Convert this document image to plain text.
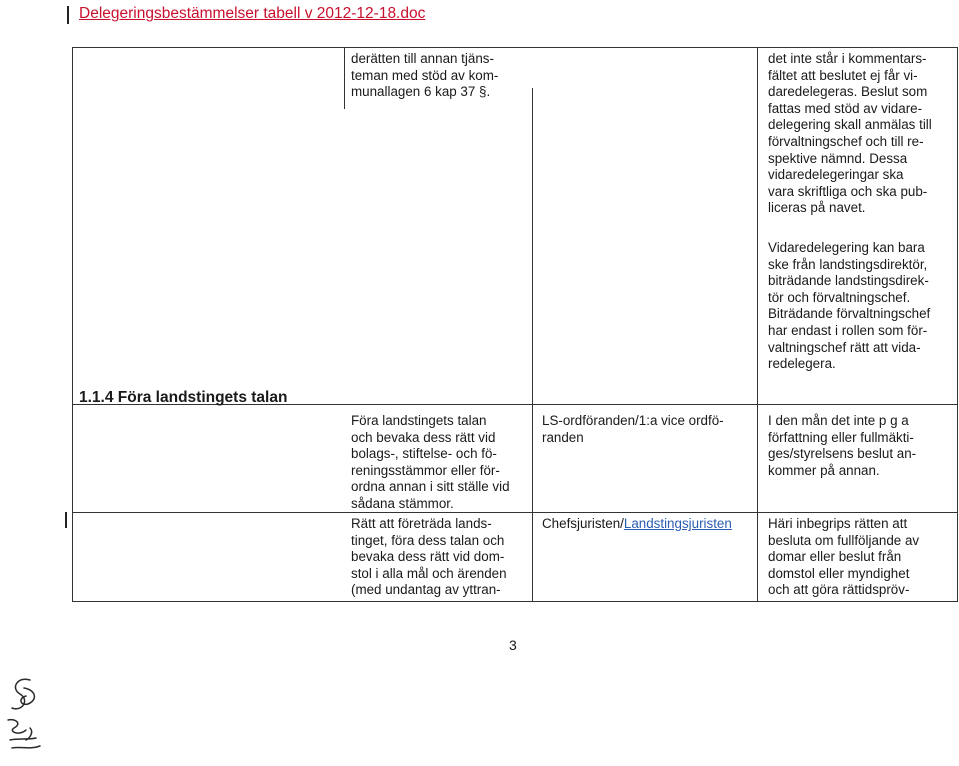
Delegeringsbestämmelser tabell v 2012-12-18.doc
derätten till annan tjäns-
teman med stöd av kom-
munallagen 6 kap 37 §.
det inte står i kommentars-
fältet att beslutet ej får vi-
daredelegeras. Beslut som
fattas med stöd av vidare-
delegering skall anmälas till
förvaltningschef och till re-
spektive nämnd. Dessa
vidaredelegeringar ska
vara skriftliga och ska pub-
liceras på navet.
Vidaredelegering kan bara
ske från landstingsdirektör,
biträdande landstingsdirek-
tör och förvaltningschef.
Biträdande förvaltningschef
har endast i rollen som för-
valtningschef rätt att vida-
redelegera.
1.1.4 Föra landstingets talan
Föra landstingets talan
och bevaka dess rätt vid
bolags-, stiftelse- och fö-
reningsstämmor eller för-
ordna annan i sitt ställe vid
sådana stämmor.
LS-ordföranden/1:a vice ordfö-
randen
I den mån det inte p g a
författning eller fullmäkti-
ges/styrelsens beslut an-
kommer på annan.
Rätt att företräda lands-
tinget, föra dess talan och
bevaka dess rätt vid dom-
stol i alla mål och ärenden
(med undantag av yttran-
Chefsjuristen/Landstingsjuristen	Häri inbegrips rätten att
besluta om fullföljande av
domar eller beslut från
domstol eller myndighet
och att göra rättidspröv-
3
